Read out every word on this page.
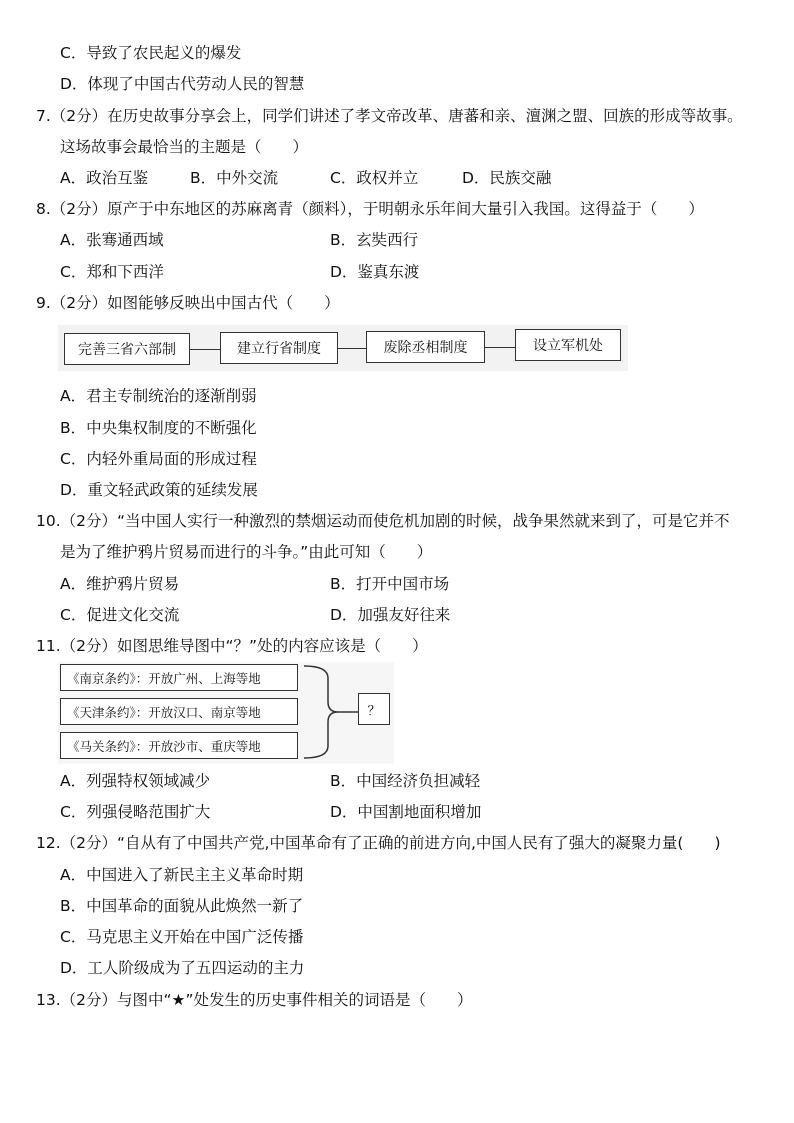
C．导致了农民起义的爆发
D．体现了中国古代劳动人民的智慧
7.（2分）在历史故事分享会上，同学们讲述了孝文帝改革、唐蕃和亲、澶渊之盟、回族的形成等故事。
这场故事会最恰当的主题是（　　）
A．政治互鉴	B．中外交流	C．政权并立	D．民族交融
8.（2分）原产于中东地区的苏麻离青（颜料），于明朝永乐年间大量引入我国。这得益于（　　）
A．张骞通西域	B．玄奘西行
C．郑和下西洋	D．鉴真东渡
9.（2分）如图能够反映出中国古代（　　）
完善三省六部制	建立行省制度	废除丞相制度	设立军机处
A．君主专制统治的逐渐削弱
B．中央集权制度的不断强化
C．内轻外重局面的形成过程
D．重文轻武政策的延续发展
10.（2分）“当中国人实行一种激烈的禁烟运动而使危机加剧的时候，战争果然就来到了，可是它并不
是为了维护鸦片贸易而进行的斗争。”由此可知（　　）
A．维护鸦片贸易	B．打开中国市场
C．促进文化交流	D．加强友好往来
11.（2分）如图思维导图中“？”处的内容应该是（　　）
《南京条约》：开放广州、上海等地
《天津条约》：开放汉口、南京等地
《马关条约》：开放沙市、重庆等地
？
A．列强特权领域减少	B．中国经济负担减轻
C．列强侵略范围扩大	D．中国割地面积增加
12.（2分）“自从有了中国共产党,中国革命有了正确的前进方向,中国人民有了强大的凝聚力量(　　)
A．中国进入了新民主主义革命时期
B．中国革命的面貌从此焕然一新了
C．马克思主义开始在中国广泛传播
D．工人阶级成为了五四运动的主力
13.（2分）与图中“★”处发生的历史事件相关的词语是（　　）
